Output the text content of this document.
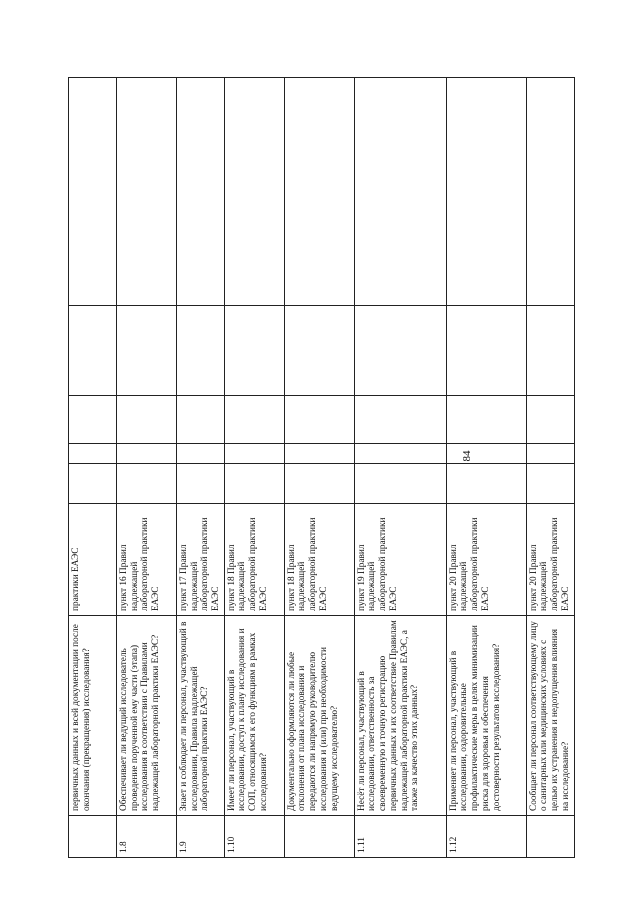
84
	первичных данных и всей документации после окончания (прекращения) исследования?	практики ЕАЭС					
1.8	Обеспечивает ли ведущий исследователь проведение порученной ему части (этапа) исследования в соответствии с Правилами надлежащей лабораторной практики ЕАЭС?	пункт 16 Правил надлежащей лабораторной практики ЕАЭС					
1.9	Знает и соблюдает ли персонал, участвующий в исследовании, Правила надлежащей лабораторной практики ЕАЭС?	пункт 17 Правил надлежащей лабораторной практики ЕАЭС					
1.10	Имеет ли персонал, участвующий в исследовании, доступ к плану исследования и СОП, относящимся к его функциям в рамках исследования?	пункт 18 Правил надлежащей лабораторной практики ЕАЭС					
	Документально оформляются ли любые отклонения от плана исследования и передаются ли напрямую руководителю исследования и (или) при необходимости ведущему исследователю?	пункт 18 Правил надлежащей лабораторной практики ЕАЭС					
1.11	Несёт ли персонал, участвующий в исследовании, ответственность за своевременную и точную регистрацию первичных данных и их соответствие Правилам надлежащей лабораторной практики ЕАЭС, а также за качество этих данных?	пункт 19 Правил надлежащей лабораторной практики ЕАЭС					
1.12	Применяет ли персонал, участвующий в исследовании, оздоровительные профилактические меры в целях минимизации риска для здоровья и обеспечения достоверности результатов исследования?	пункт 20 Правил надлежащей лабораторной практики ЕАЭС					
	Сообщает ли персонал соответствующему лицу о санитарных или медицинских условиях с целью их устранения и недопущения влияния на исследование?	пункт 20 Правил надлежащей лабораторной практики ЕАЭС					
